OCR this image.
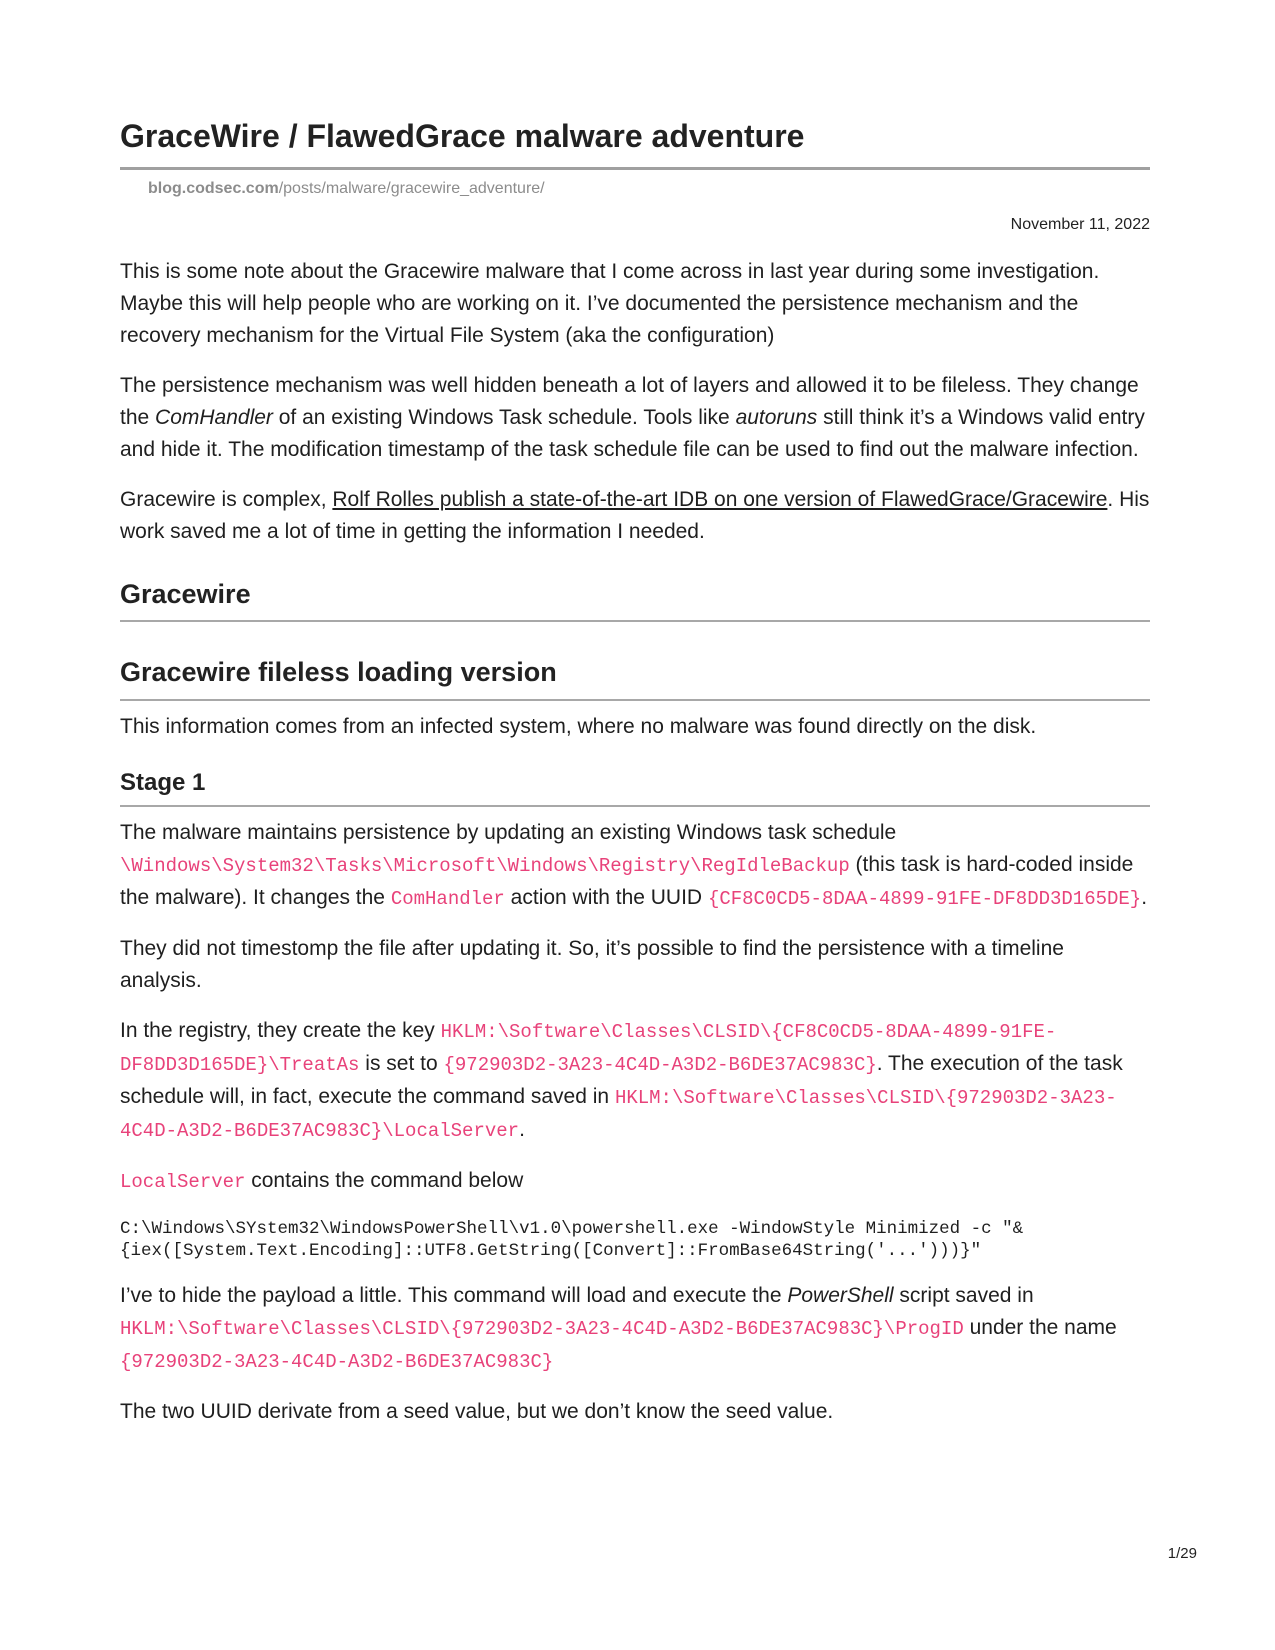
GraceWire / FlawedGrace malware adventure
blog.codsec.com/posts/malware/gracewire_adventure/
November 11, 2022

This is some note about the Gracewire malware that I come across in last year during some investigation. Maybe this will help people who are working on it. I’ve documented the persistence mechanism and the recovery mechanism for the Virtual File System (aka the configuration)

The persistence mechanism was well hidden beneath a lot of layers and allowed it to be fileless. They change the ComHandler of an existing Windows Task schedule. Tools like autoruns still think it’s a Windows valid entry and hide it. The modification timestamp of the task schedule file can be used to find out the malware infection.

Gracewire is complex, Rolf Rolles publish a state-of-the-art IDB on one version of FlawedGrace/Gracewire. His work saved me a lot of time in getting the information I needed.

Gracewire
Gracewire fileless loading version

This information comes from an infected system, where no malware was found directly on the disk.

Stage 1

The malware maintains persistence by updating an existing Windows task schedule \Windows\System32\Tasks\Microsoft\Windows\Registry\RegIdleBackup (this task is hard-coded inside the malware). It changes the ComHandler action with the UUID {CF8C0CD5-8DAA-4899-91FE-DF8DD3D165DE}.

They did not timestomp the file after updating it. So, it’s possible to find the persistence with a timeline analysis.

In the registry, they create the key HKLM:\Software\Classes\CLSID\{CF8C0CD5-8DAA-4899-91FE-DF8DD3D165DE}\TreatAs is set to {972903D2-3A23-4C4D-A3D2-B6DE37AC983C}. The execution of the task schedule will, in fact, execute the command saved in HKLM:\Software\Classes\CLSID\{972903D2-3A23-4C4D-A3D2-B6DE37AC983C}\LocalServer.

LocalServer contains the command below

C:\Windows\SYstem32\WindowsPowerShell\v1.0\powershell.exe -WindowStyle Minimized -c "&
{iex([System.Text.Encoding]::UTF8.GetString([Convert]::FromBase64String('...')))}"

I’ve to hide the payload a little. This command will load and execute the PowerShell script saved in HKLM:\Software\Classes\CLSID\{972903D2-3A23-4C4D-A3D2-B6DE37AC983C}\ProgID under the name {972903D2-3A23-4C4D-A3D2-B6DE37AC983C}

The two UUID derivate from a seed value, but we don’t know the seed value.

1/29
